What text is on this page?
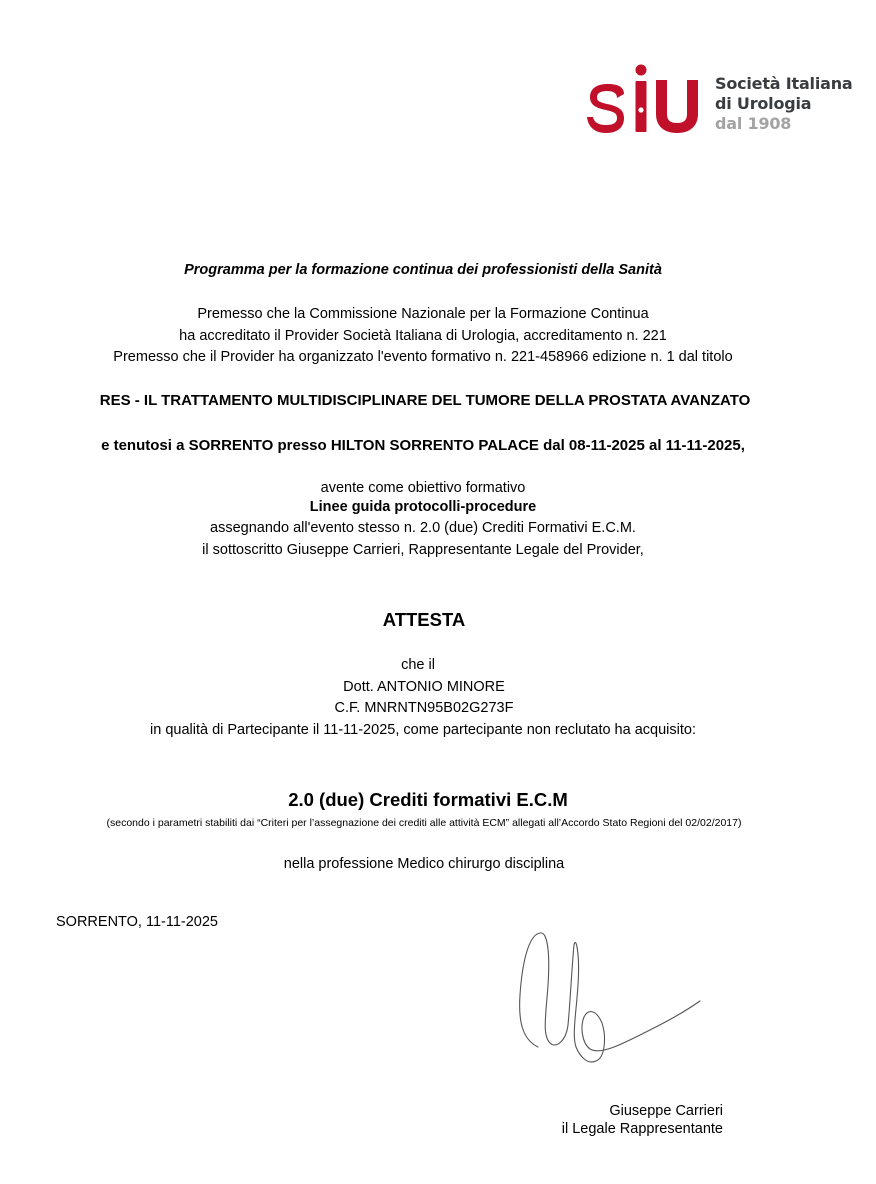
Società Italiana
di Urologia
dal 1908
Programma per la formazione continua dei professionisti della Sanità
Premesso che la Commissione Nazionale per la Formazione Continua
ha accreditato il Provider Società Italiana di Urologia, accreditamento n. 221
Premesso che il Provider ha organizzato l'evento formativo n. 221-458966 edizione n. 1 dal titolo
RES - IL TRATTAMENTO MULTIDISCIPLINARE DEL TUMORE DELLA PROSTATA AVANZATO
e tenutosi a SORRENTO presso HILTON SORRENTO PALACE dal 08-11-2025 al 11-11-2025,
avente come obiettivo formativo
Linee guida protocolli-procedure
assegnando all'evento stesso n. 2.0 (due) Crediti Formativi E.C.M.
il sottoscritto Giuseppe Carrieri, Rappresentante Legale del Provider,
ATTESTA
che il
Dott. ANTONIO MINORE
C.F. MNRNTN95B02G273F
in qualità di Partecipante il 11-11-2025, come partecipante non reclutato ha acquisito:
2.0 (due) Crediti formativi E.C.M
(secondo i parametri stabiliti dai “Criteri per l’assegnazione dei crediti alle attività ECM” allegati all’Accordo Stato Regioni del 02/02/2017)
nella professione Medico chirurgo disciplina
SORRENTO, 11-11-2025
Giuseppe Carrieri
il Legale Rappresentante
